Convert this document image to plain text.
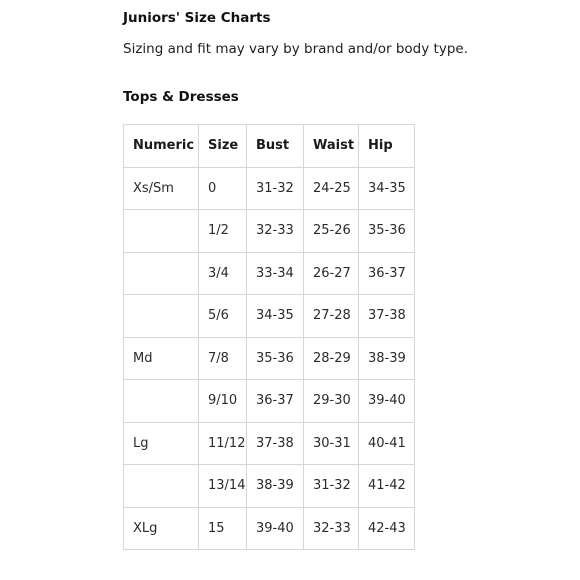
Juniors' Size Charts
Sizing and fit may vary by brand and/or body type.
Tops & Dresses
Numeric	Size	Bust	Waist	Hip
Xs/Sm	0	31-32	24-25	34-35
	1/2	32-33	25-26	35-36
	3/4	33-34	26-27	36-37
	5/6	34-35	27-28	37-38
Md	7/8	35-36	28-29	38-39
	9/10	36-37	29-30	39-40
Lg	11/12	37-38	30-31	40-41
	13/14	38-39	31-32	41-42
XLg	15	39-40	32-33	42-43
